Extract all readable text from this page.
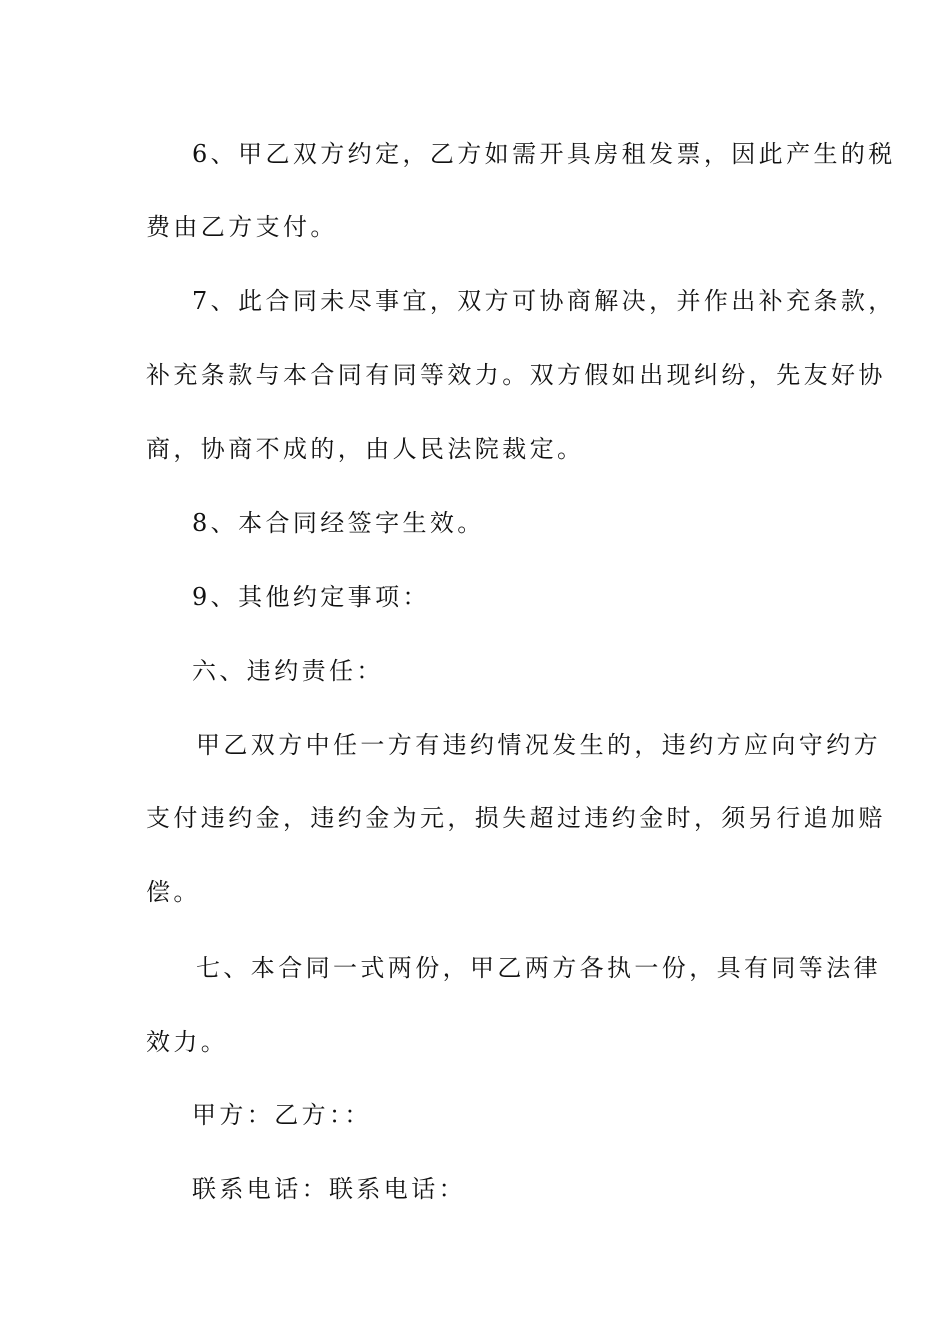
6、甲乙双方约定，乙方如需开具房租发票，因此产生的税
费由乙方支付。
7、此合同未尽事宜，双方可协商解决，并作出补充条款，
补充条款与本合同有同等效力。双方假如出现纠纷，先友好协
商，协商不成的，由人民法院裁定。
8、本合同经签字生效。
9、其他约定事项：
六、违约责任：
甲乙双方中任一方有违约情况发生的，违约方应向守约方
支付违约金，违约金为元，损失超过违约金时，须另行追加赔
偿。
七、本合同一式两份，甲乙两方各执一份，具有同等法律
效力。
甲方：乙方：：
联系电话：联系电话：
